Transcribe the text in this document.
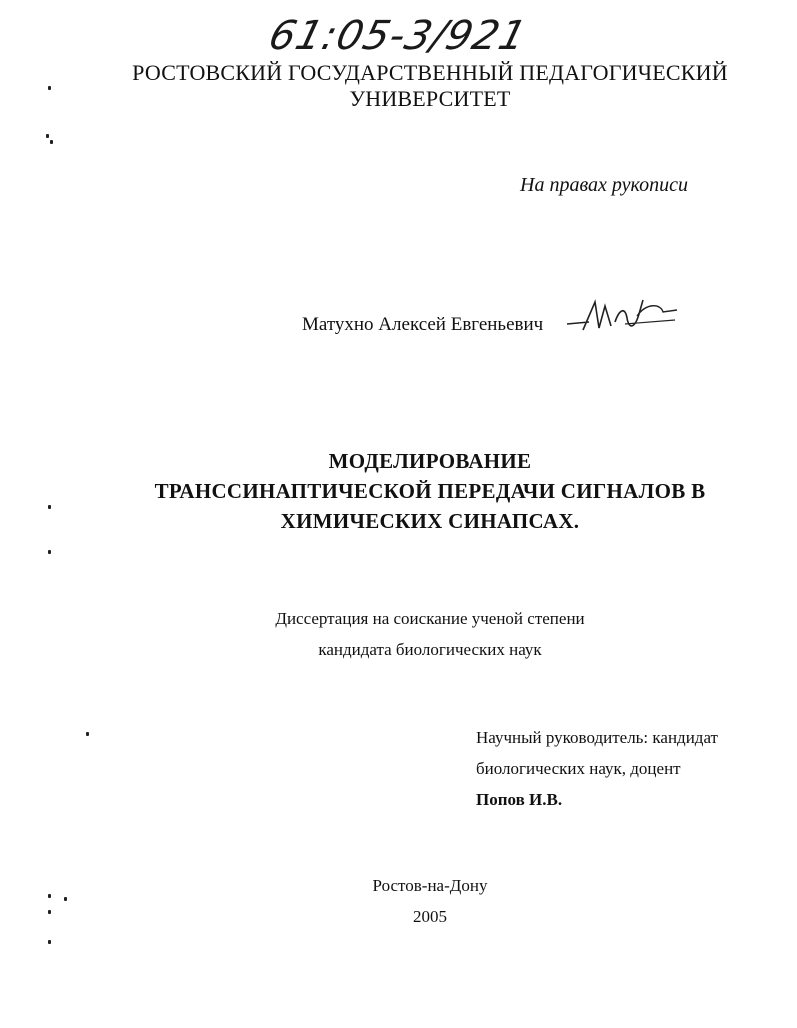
61:05-3/921
РОСТОВСКИЙ ГОСУДАРСТВЕННЫЙ ПЕДАГОГИЧЕСКИЙ
УНИВЕРСИТЕТ
На правах рукописи
Матухно Алексей Евгеньевич
МОДЕЛИРОВАНИЕ
ТРАНССИНАПТИЧЕСКОЙ ПЕРЕДАЧИ СИГНАЛОВ В
ХИМИЧЕСКИХ СИНАПСАХ.
Диссертация на соискание ученой степени
кандидата биологических наук
Научный руководитель: кандидат
биологических наук, доцент
Попов И.В.
Ростов-на-Дону
2005
